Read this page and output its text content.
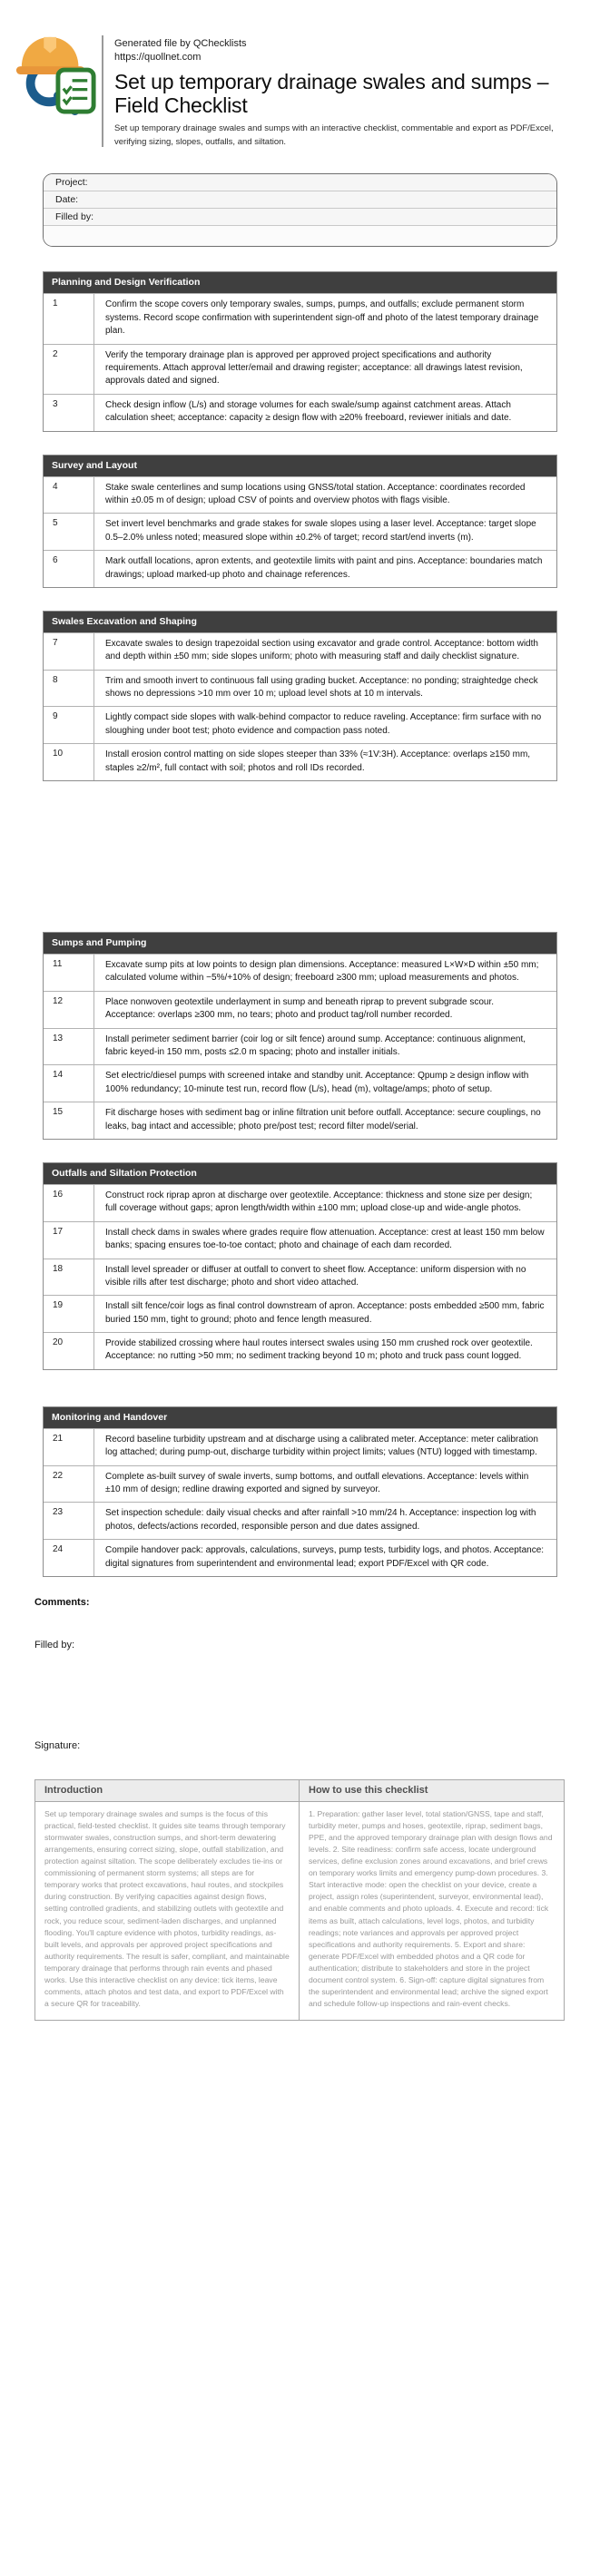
Generated file by QChecklists
https://quollnet.com
Set up temporary drainage swales and sumps – Field Checklist
Set up temporary drainage swales and sumps with an interactive checklist, commentable and export as PDF/Excel, verifying sizing, slopes, outfalls, and siltation.
Project:
Date:
Filled by:
Planning and Design Verification
1	Confirm the scope covers only temporary swales, sumps, pumps, and outfalls; exclude permanent storm systems. Record scope confirmation with superintendent sign-off and photo of the latest temporary drainage plan.
2	Verify the temporary drainage plan is approved per approved project specifications and authority requirements. Attach approval letter/email and drawing register; acceptance: all drawings latest revision, approvals dated and signed.
3	Check design inflow (L/s) and storage volumes for each swale/sump against catchment areas. Attach calculation sheet; acceptance: capacity ≥ design flow with ≥20% freeboard, reviewer initials and date.
Survey and Layout
4	Stake swale centerlines and sump locations using GNSS/total station. Acceptance: coordinates recorded within ±0.05 m of design; upload CSV of points and overview photos with flags visible.
5	Set invert level benchmarks and grade stakes for swale slopes using a laser level. Acceptance: target slope 0.5–2.0% unless noted; measured slope within ±0.2% of target; record start/end inverts (m).
6	Mark outfall locations, apron extents, and geotextile limits with paint and pins. Acceptance: boundaries match drawings; upload marked-up photo and chainage references.
Swales Excavation and Shaping
7	Excavate swales to design trapezoidal section using excavator and grade control. Acceptance: bottom width and depth within ±50 mm; side slopes uniform; photo with measuring staff and daily checklist signature.
8	Trim and smooth invert to continuous fall using grading bucket. Acceptance: no ponding; straightedge check shows no depressions >10 mm over 10 m; upload level shots at 10 m intervals.
9	Lightly compact side slopes with walk-behind compactor to reduce raveling. Acceptance: firm surface with no sloughing under boot test; photo evidence and compaction pass noted.
10	Install erosion control matting on side slopes steeper than 33% (≈1V:3H). Acceptance: overlaps ≥150 mm, staples ≥2/m², full contact with soil; photos and roll IDs recorded.
Sumps and Pumping
11	Excavate sump pits at low points to design plan dimensions. Acceptance: measured L×W×D within ±50 mm; calculated volume within −5%/+10% of design; freeboard ≥300 mm; upload measurements and photos.
12	Place nonwoven geotextile underlayment in sump and beneath riprap to prevent subgrade scour. Acceptance: overlaps ≥300 mm, no tears; photo and product tag/roll number recorded.
13	Install perimeter sediment barrier (coir log or silt fence) around sump. Acceptance: continuous alignment, fabric keyed-in 150 mm, posts ≤2.0 m spacing; photo and installer initials.
14	Set electric/diesel pumps with screened intake and standby unit. Acceptance: Qpump ≥ design inflow with 100% redundancy; 10-minute test run, record flow (L/s), head (m), voltage/amps; photo of setup.
15	Fit discharge hoses with sediment bag or inline filtration unit before outfall. Acceptance: secure couplings, no leaks, bag intact and accessible; photo pre/post test; record filter model/serial.
Outfalls and Siltation Protection
16	Construct rock riprap apron at discharge over geotextile. Acceptance: thickness and stone size per design; full coverage without gaps; apron length/width within ±100 mm; upload close-up and wide-angle photos.
17	Install check dams in swales where grades require flow attenuation. Acceptance: crest at least 150 mm below banks; spacing ensures toe-to-toe contact; photo and chainage of each dam recorded.
18	Install level spreader or diffuser at outfall to convert to sheet flow. Acceptance: uniform dispersion with no visible rills after test discharge; photo and short video attached.
19	Install silt fence/coir logs as final control downstream of apron. Acceptance: posts embedded ≥500 mm, fabric buried 150 mm, tight to ground; photo and fence length measured.
20	Provide stabilized crossing where haul routes intersect swales using 150 mm crushed rock over geotextile. Acceptance: no rutting >50 mm; no sediment tracking beyond 10 m; photo and truck pass count logged.
Monitoring and Handover
21	Record baseline turbidity upstream and at discharge using a calibrated meter. Acceptance: meter calibration log attached; during pump-out, discharge turbidity within project limits; values (NTU) logged with timestamp.
22	Complete as-built survey of swale inverts, sump bottoms, and outfall elevations. Acceptance: levels within ±10 mm of design; redline drawing exported and signed by surveyor.
23	Set inspection schedule: daily visual checks and after rainfall >10 mm/24 h. Acceptance: inspection log with photos, defects/actions recorded, responsible person and due dates assigned.
24	Compile handover pack: approvals, calculations, surveys, pump tests, turbidity logs, and photos. Acceptance: digital signatures from superintendent and environmental lead; export PDF/Excel with QR code.
Comments:
Filled by:
Signature:
Introduction	How to use this checklist
Set up temporary drainage swales and sumps is the focus of this practical, field-tested checklist. It guides site teams through temporary stormwater swales, construction sumps, and short-term dewatering arrangements, ensuring correct sizing, slope, outfall stabilization, and protection against siltation. The scope deliberately excludes tie-ins or commissioning of permanent storm systems; all steps are for temporary works that protect excavations, haul routes, and stockpiles during construction. By verifying capacities against design flows, setting controlled gradients, and stabilizing outlets with geotextile and rock, you reduce scour, sediment-laden discharges, and unplanned flooding. You'll capture evidence with photos, turbidity readings, as-built levels, and approvals per approved project specifications and authority requirements. The result is safer, compliant, and maintainable temporary drainage that performs through rain events and phased works. Use this interactive checklist on any device: tick items, leave comments, attach photos and test data, and export to PDF/Excel with a secure QR for traceability.
1. Preparation: gather laser level, total station/GNSS, tape and staff, turbidity meter, pumps and hoses, geotextile, riprap, sediment bags, PPE, and the approved temporary drainage plan with design flows and levels. 2. Site readiness: confirm safe access, locate underground services, define exclusion zones around excavations, and brief crews on temporary works limits and emergency pump-down procedures. 3. Start interactive mode: open the checklist on your device, create a project, assign roles (superintendent, surveyor, environmental lead), and enable comments and photo uploads. 4. Execute and record: tick items as built, attach calculations, level logs, photos, and turbidity readings; note variances and approvals per approved project specifications and authority requirements. 5. Export and share: generate PDF/Excel with embedded photos and a QR code for authentication; distribute to stakeholders and store in the project document control system. 6. Sign-off: capture digital signatures from the superintendent and environmental lead; archive the signed export and schedule follow-up inspections and rain-event checks.
